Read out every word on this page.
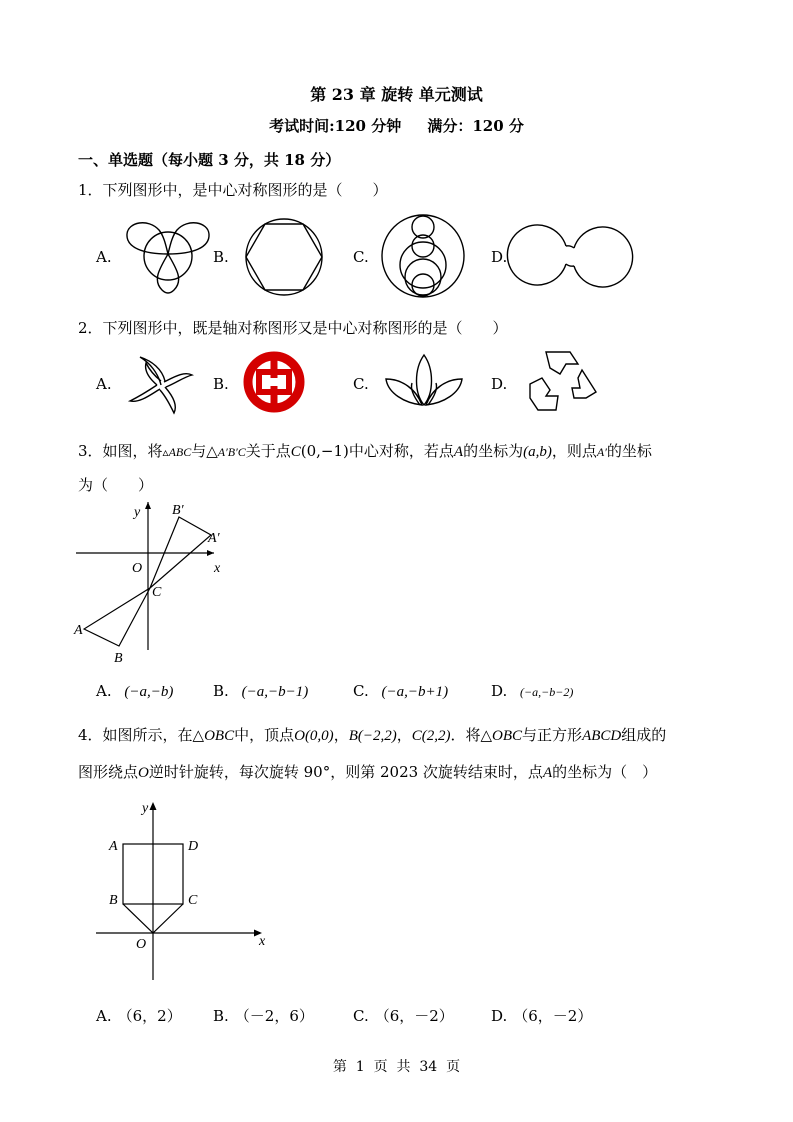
第 23 章 旋转 单元测试
考试时间:120 分钟     满分：120 分
一、单选题（每小题 3 分，共 18 分）
1．下列图形中，是中心对称图形的是（　　）
A.	B.	C.	D.
2．下列图形中，既是轴对称图形又是中心对称图形的是（　　）
A.	B.	C.	D.
3．如图，将▵ABC与△A′B′C关于点C(0,−1)中心对称，若点A的坐标为(a,b)，则点A′的坐标
为（　　）
y
x
O
C
A
B
A′
B′
A. (−a,−b)	B. (−a,−b−1)	C. (−a,−b+1)	D. (−a,−b−2)
4．如图所示，在△OBC中，顶点O(0,0)，B(−2,2)，C(2,2)．将△OBC与正方形ABCD组成的
图形绕点O逆时针旋转，每次旋转 90°，则第 2023 次旋转结束时，点A的坐标为（　）
y
x
O
A	D
B	C
A. （6，2） B. （－2，6）	C. （6，－2） D. （6，－2）
第  1  页  共  34  页
